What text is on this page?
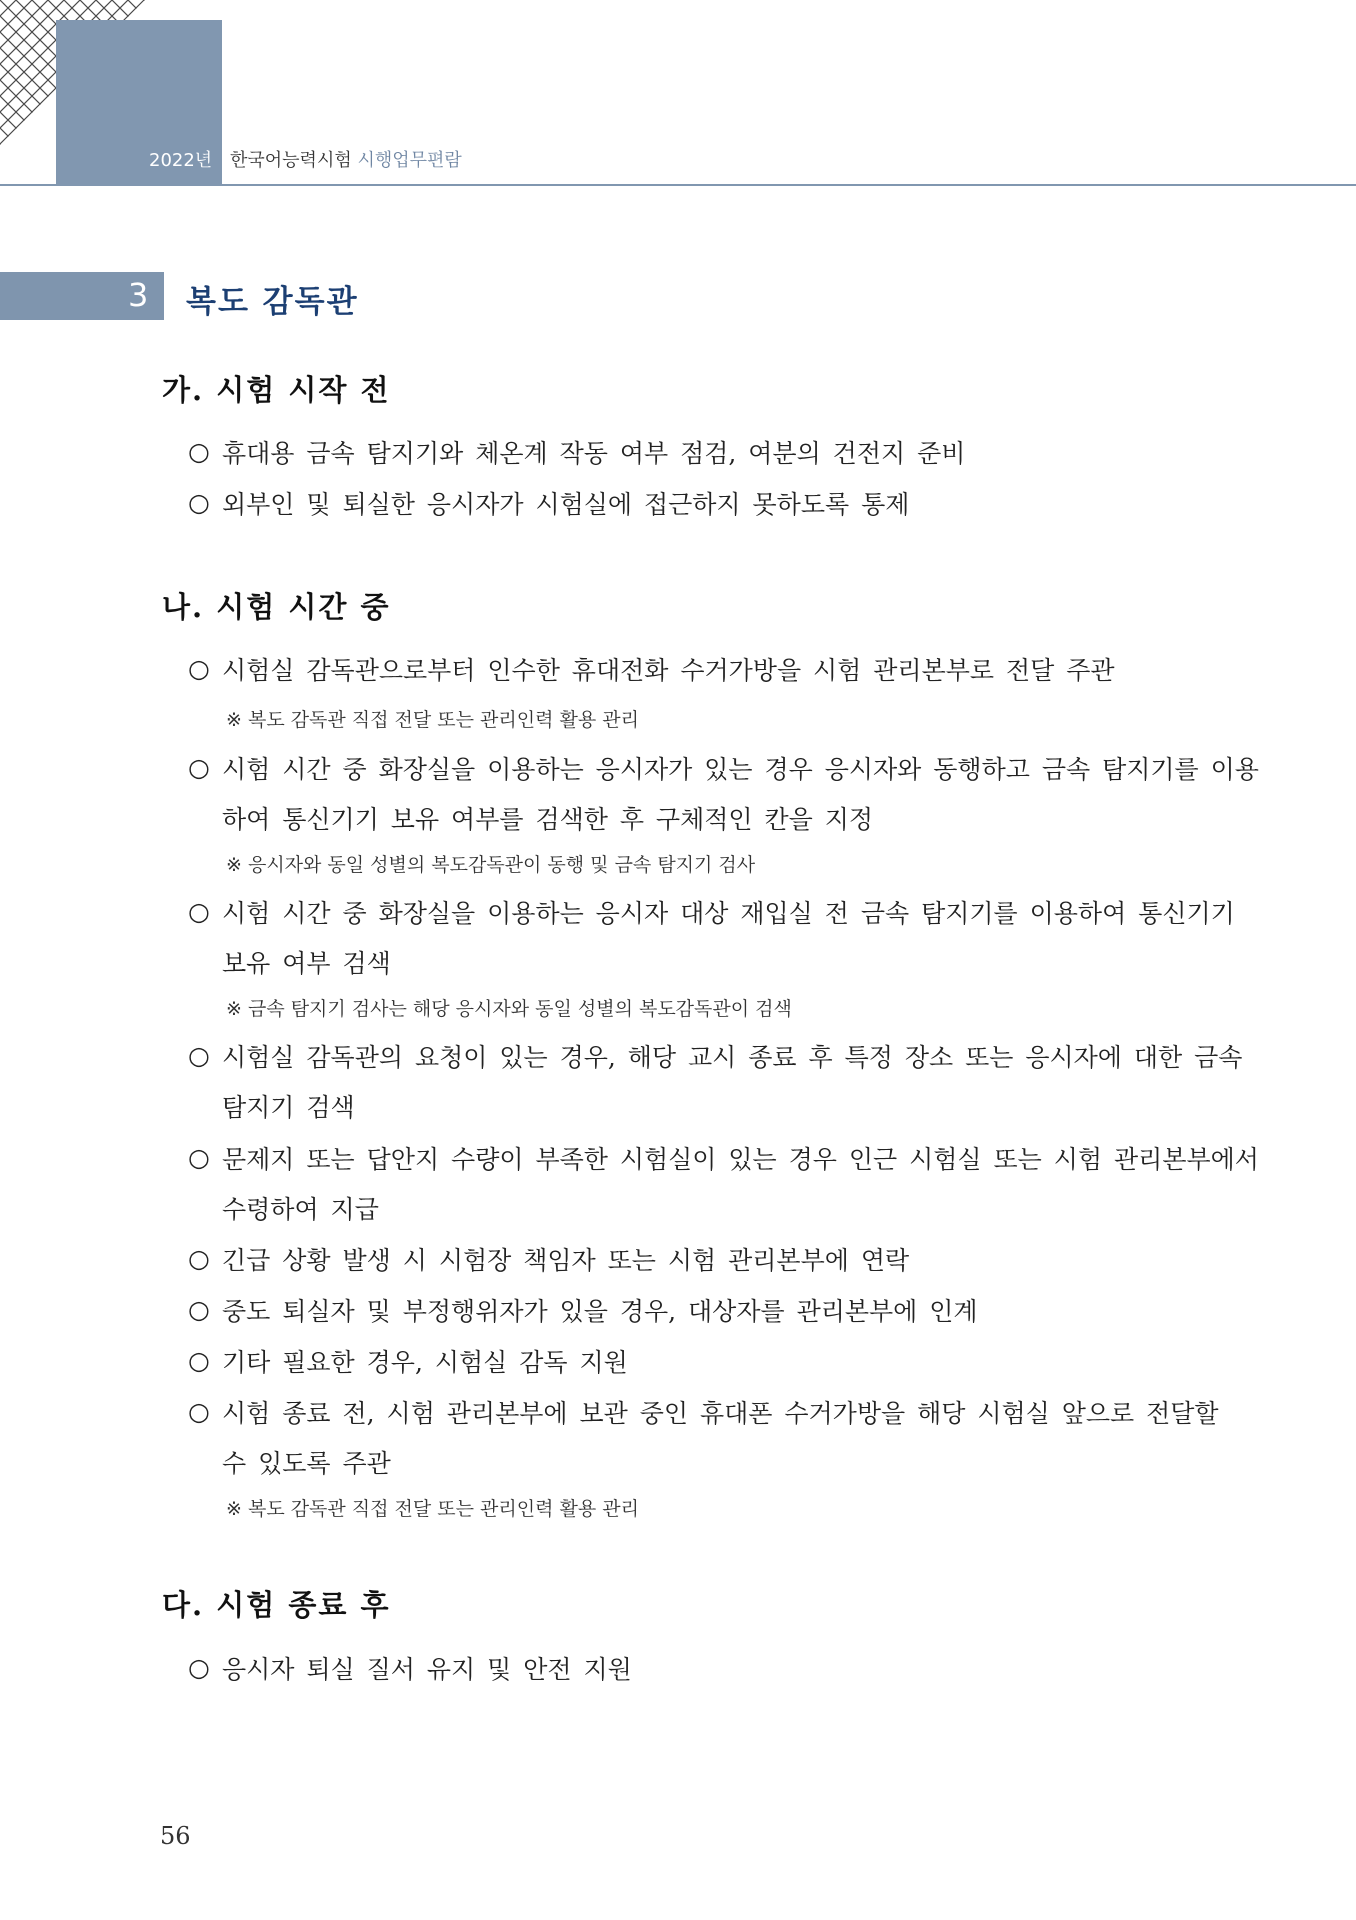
2022년 한국어능력시험 시행업무편람
3 복도 감독관
가. 시험 시작 전
○ 휴대용 금속 탐지기와 체온계 작동 여부 점검, 여분의 건전지 준비
○ 외부인 및 퇴실한 응시자가 시험실에 접근하지 못하도록 통제
나. 시험 시간 중
○ 시험실 감독관으로부터 인수한 휴대전화 수거가방을 시험 관리본부로 전달 주관
※ 복도 감독관 직접 전달 또는 관리인력 활용 관리
○ 시험 시간 중 화장실을 이용하는 응시자가 있는 경우 응시자와 동행하고 금속 탐지기를 이용
하여 통신기기 보유 여부를 검색한 후 구체적인 칸을 지정
※ 응시자와 동일 성별의 복도감독관이 동행 및 금속 탐지기 검사
○ 시험 시간 중 화장실을 이용하는 응시자 대상 재입실 전 금속 탐지기를 이용하여 통신기기
보유 여부 검색
※ 금속 탐지기 검사는 해당 응시자와 동일 성별의 복도감독관이 검색
○ 시험실 감독관의 요청이 있는 경우, 해당 교시 종료 후 특정 장소 또는 응시자에 대한 금속
탐지기 검색
○ 문제지 또는 답안지 수량이 부족한 시험실이 있는 경우 인근 시험실 또는 시험 관리본부에서
수령하여 지급
○ 긴급 상황 발생 시 시험장 책임자 또는 시험 관리본부에 연락
○ 중도 퇴실자 및 부정행위자가 있을 경우, 대상자를 관리본부에 인계
○ 기타 필요한 경우, 시험실 감독 지원
○ 시험 종료 전, 시험 관리본부에 보관 중인 휴대폰 수거가방을 해당 시험실 앞으로 전달할
수 있도록 주관
※ 복도 감독관 직접 전달 또는 관리인력 활용 관리
다. 시험 종료 후
○ 응시자 퇴실 질서 유지 및 안전 지원
56
